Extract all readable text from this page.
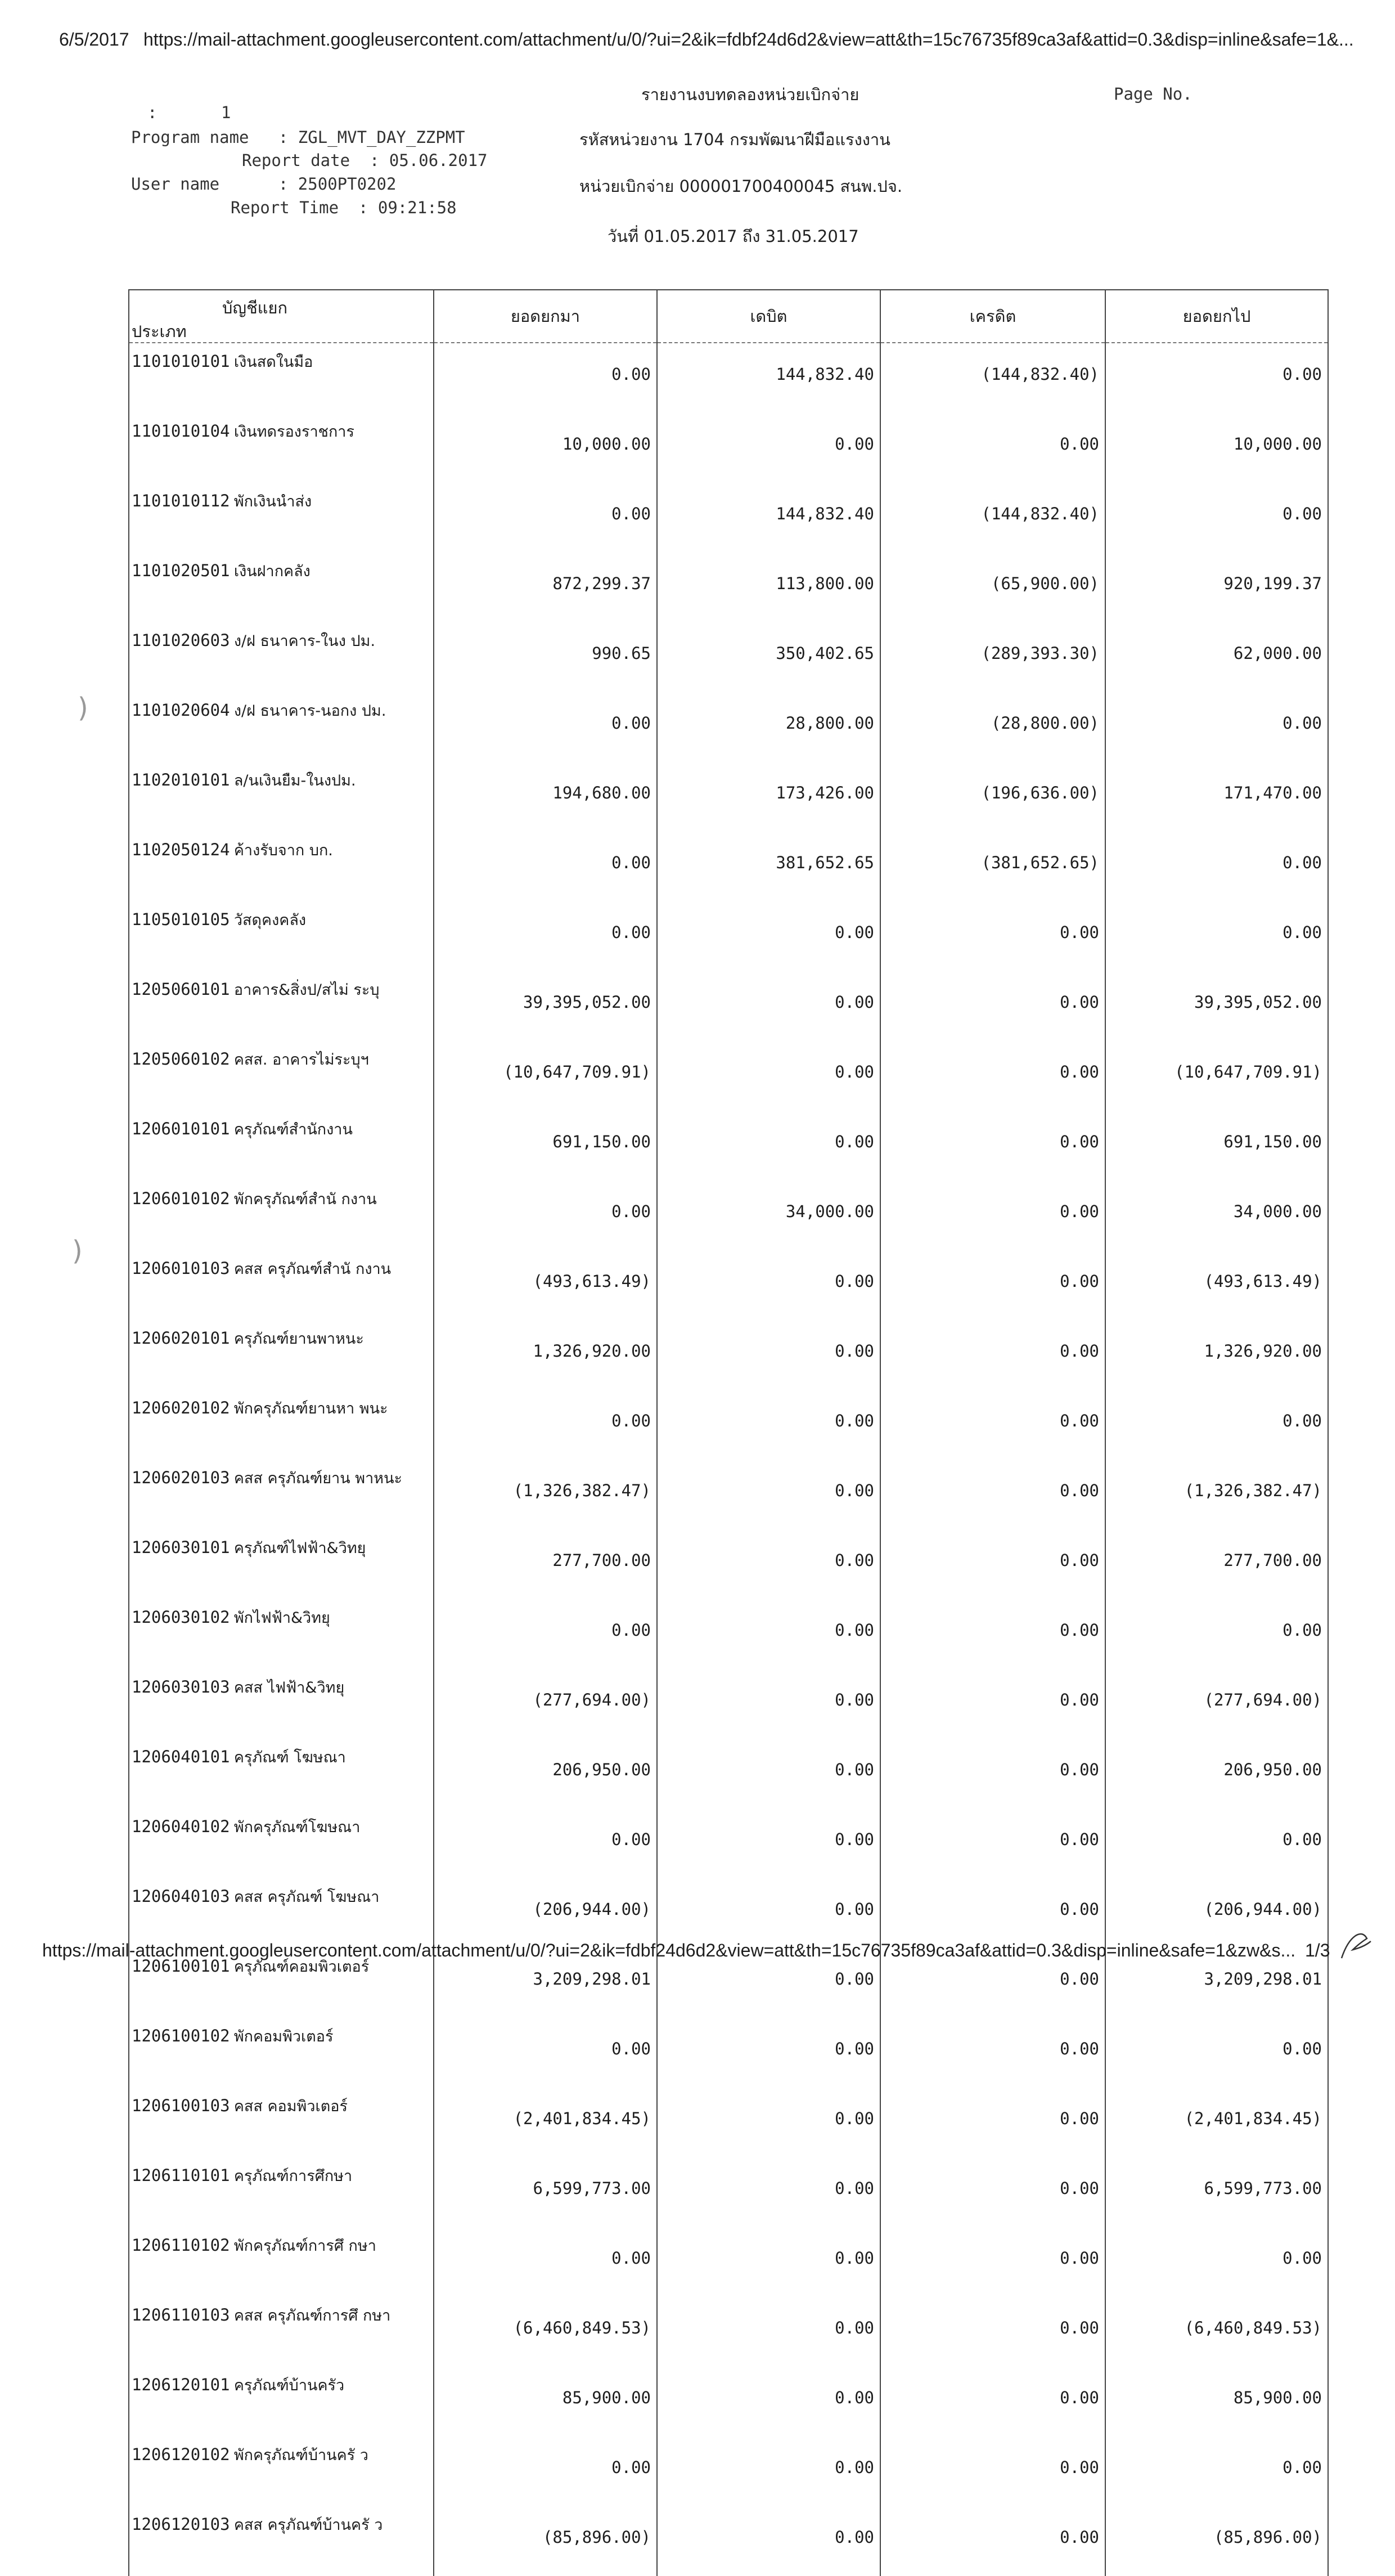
6/5/2017 https://mail-attachment.googleusercontent.com/attachment/u/0/?ui=2&ik=fdbf24d6d2&view=att&th=15c76735f89ca3af&attid=0.3&disp=inline&safe=1&...
รายงานงบทดลองหน่วยเบิกจ่าย	Page No.
:	1
Program name   : ZGL_MVT_DAY_ZZPMT	รหัสหน่วยงาน 1704 กรมพัฒนาฝีมือแรงงาน
Report date  : 05.06.2017
User name      : 2500PT0202	หน่วยเบิกจ่าย 000001700400045 สนพ.ปจ.
Report Time  : 09:21:58
วันที่ 01.05.2017 ถึง 31.05.2017
บัญชีแยก
ประเภท	ยอดยกมา	เดบิต	เครดิต	ยอดยกไป
1101010101 เงินสดในมือ	0.00	144,832.40	(144,832.40)	0.00
1101010104 เงินทดรองราชการ	10,000.00	0.00	0.00	10,000.00
1101010112 พักเงินนำส่ง	0.00	144,832.40	(144,832.40)	0.00
1101020501 เงินฝากคลัง	872,299.37	113,800.00	(65,900.00)	920,199.37
1101020603 ง/ฝ ธนาคาร-ในง ปม.	990.65	350,402.65	(289,393.30)	62,000.00
1101020604 ง/ฝ ธนาคาร-นอกง ปม.	0.00	28,800.00	(28,800.00)	0.00
1102010101 ล/นเงินยืม-ในงปม.	194,680.00	173,426.00	(196,636.00)	171,470.00
1102050124 ค้างรับจาก บก.	0.00	381,652.65	(381,652.65)	0.00
1105010105 วัสดุคงคลัง	0.00	0.00	0.00	0.00
1205060101 อาคาร&สิ่งป/สไม่ ระบุ	39,395,052.00	0.00	0.00	39,395,052.00
1205060102 คสส. อาคารไม่ระบุฯ	(10,647,709.91)	0.00	0.00	(10,647,709.91)
1206010101 ครุภัณฑ์สำนักงาน	691,150.00	0.00	0.00	691,150.00
1206010102 พักครุภัณฑ์สำนั กงาน	0.00	34,000.00	0.00	34,000.00
1206010103 คสส ครุภัณฑ์สำนั กงาน	(493,613.49)	0.00	0.00	(493,613.49)
1206020101 ครุภัณฑ์ยานพาหนะ	1,326,920.00	0.00	0.00	1,326,920.00
1206020102 พักครุภัณฑ์ยานหา พนะ	0.00	0.00	0.00	0.00
1206020103 คสส ครุภัณฑ์ยาน พาหนะ	(1,326,382.47)	0.00	0.00	(1,326,382.47)
1206030101 ครุภัณฑ์ไฟฟ้า&วิทยุ	277,700.00	0.00	0.00	277,700.00
1206030102 พักไฟฟ้า&วิทยุ	0.00	0.00	0.00	0.00
1206030103 คสส ไฟฟ้า&วิทยุ	(277,694.00)	0.00	0.00	(277,694.00)
1206040101 ครุภัณฑ์ โฆษณา	206,950.00	0.00	0.00	206,950.00
1206040102 พักครุภัณฑ์โฆษณา	0.00	0.00	0.00	0.00
1206040103 คสส ครุภัณฑ์ โฆษณา	(206,944.00)	0.00	0.00	(206,944.00)
1206100101 ครุภัณฑ์คอมพิวเตอร์	3,209,298.01	0.00	0.00	3,209,298.01
1206100102 พักคอมพิวเตอร์	0.00	0.00	0.00	0.00
1206100103 คสส คอมพิวเตอร์	(2,401,834.45)	0.00	0.00	(2,401,834.45)
1206110101 ครุภัณฑ์การศึกษา	6,599,773.00	0.00	0.00	6,599,773.00
1206110102 พักครุภัณฑ์การศึ กษา	0.00	0.00	0.00	0.00
1206110103 คสส ครุภัณฑ์การศึ กษา	(6,460,849.53)	0.00	0.00	(6,460,849.53)
1206120101 ครุภัณฑ์บ้านครัว	85,900.00	0.00	0.00	85,900.00
1206120102 พักครุภัณฑ์บ้านครั ว	0.00	0.00	0.00	0.00
1206120103 คสส ครุภัณฑ์บ้านครั ว	(85,896.00)	0.00	0.00	(85,896.00)
)
)
https://mail-attachment.googleusercontent.com/attachment/u/0/?ui=2&ik=fdbf24d6d2&view=att&th=15c76735f89ca3af&attid=0.3&disp=inline&safe=1&zw&s... 1/3
